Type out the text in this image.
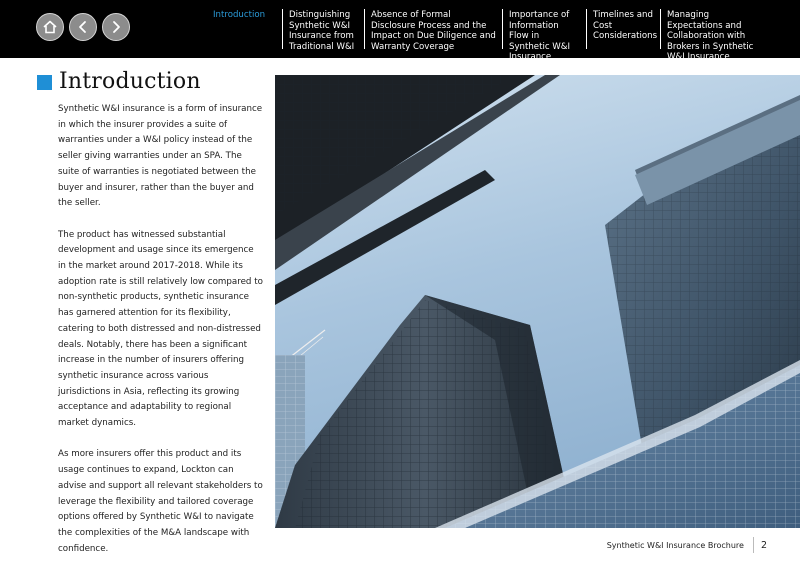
Introduction	Distinguishing Synthetic W&I Insurance from Traditional W&I
Absence of Formal Disclosure Process and the Impact on Due Diligence and Warranty Coverage
Importance of Information Flow in Synthetic W&I Insurance
Timelines and Cost Considerations
Managing Expectations and Collaboration with Brokers in Synthetic W&I Insurance
Introduction

Synthetic W&I insurance is a form of insurance in which the insurer provides a suite of warranties under a W&I policy instead of the seller giving warranties under an SPA. The suite of warranties is negotiated between the buyer and insurer, rather than the buyer and the seller.

The product has witnessed substantial development and usage since its emergence in the market around 2017-2018. While its adoption rate is still relatively low compared to non-synthetic products, synthetic insurance has garnered attention for its flexibility, catering to both distressed and non-distressed deals. Notably, there has been a significant increase in the number of insurers offering synthetic insurance across various jurisdictions in Asia, reflecting its growing acceptance and adaptability to regional market dynamics.

As more insurers offer this product and its usage continues to expand, Lockton can advise and support all relevant stakeholders to leverage the flexibility and tailored coverage options offered by Synthetic W&I to navigate the complexities of the M&A landscape with confidence.	Synthetic W&I Insurance Brochure 2
